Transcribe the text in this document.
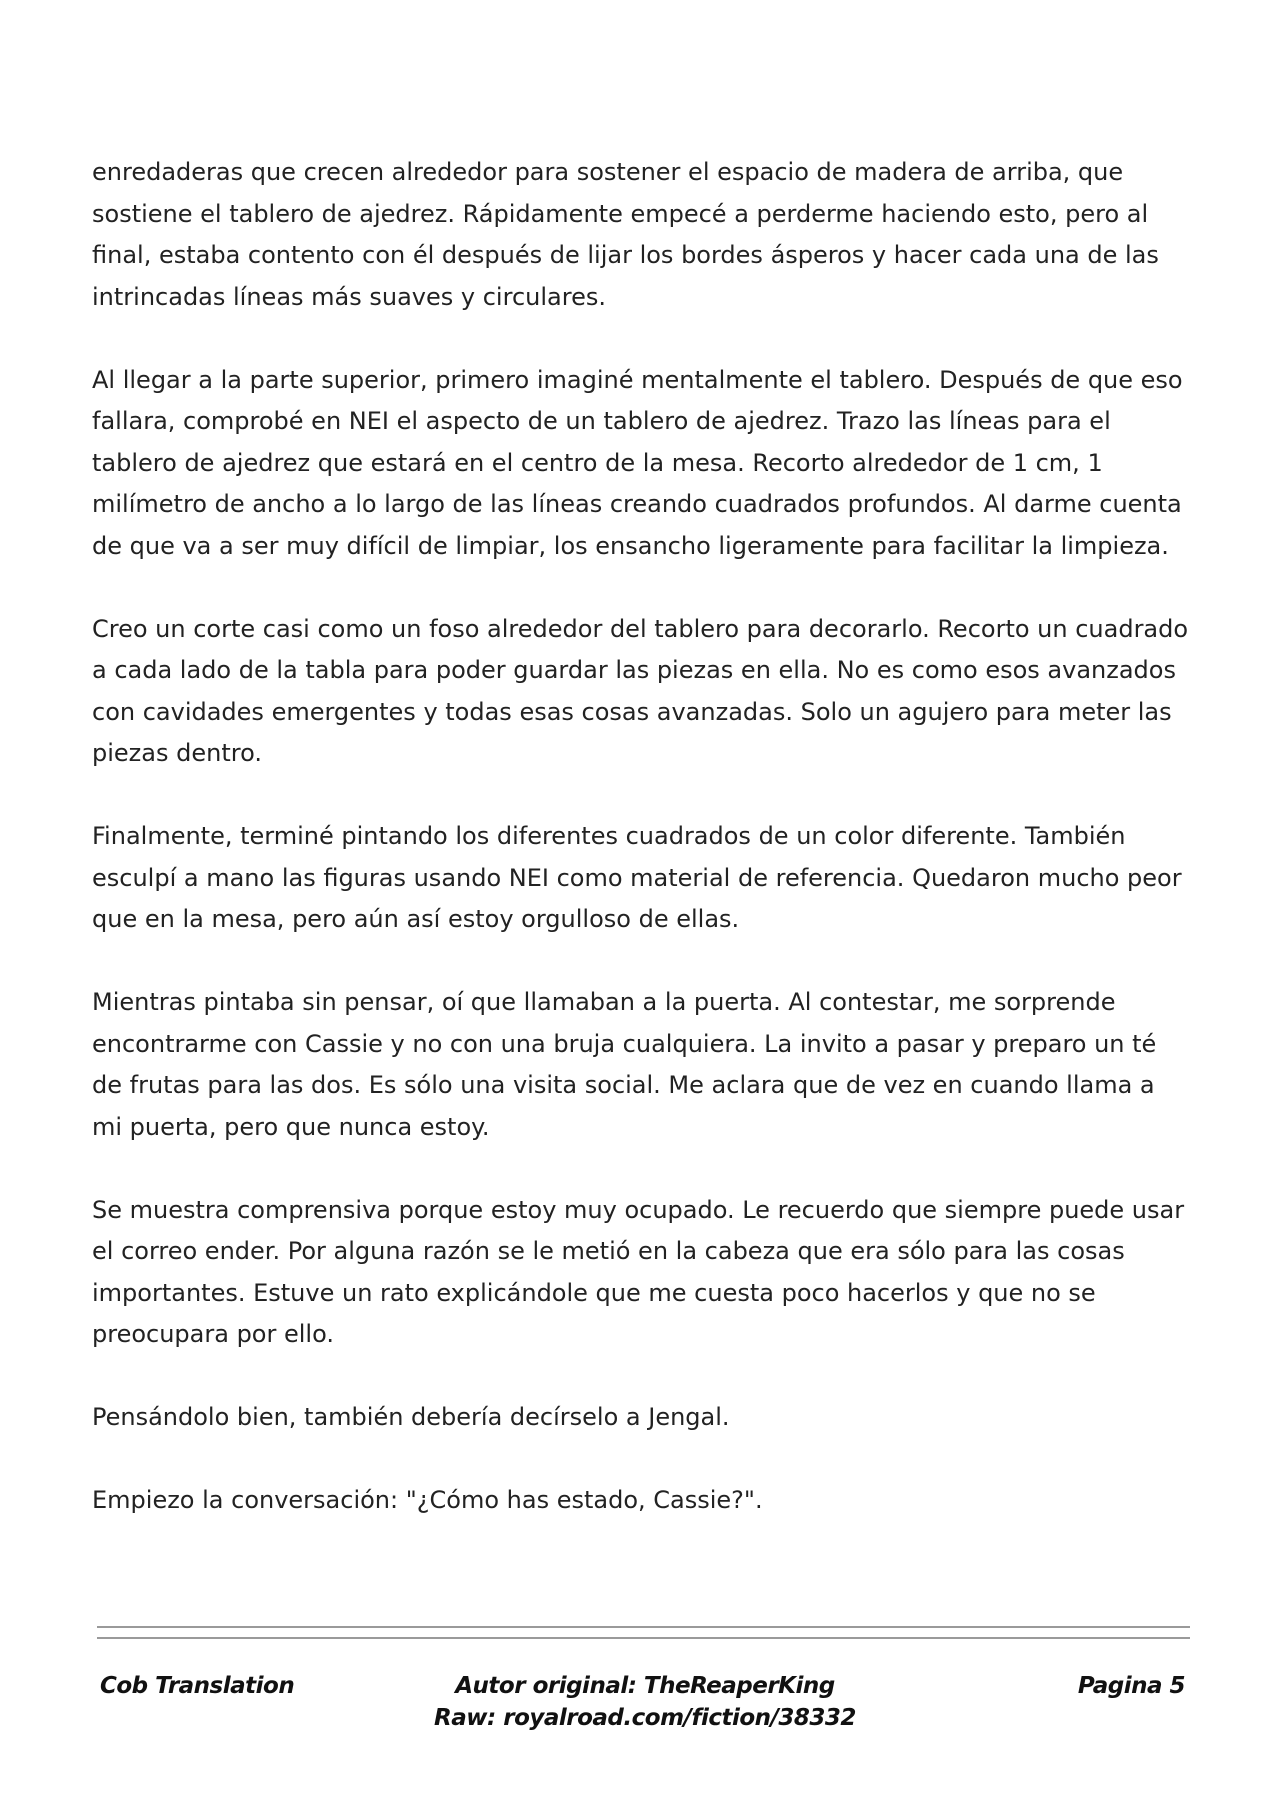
enredaderas que crecen alrededor para sostener el espacio de madera de arriba, que sostiene el tablero de ajedrez. Rápidamente empecé a perderme haciendo esto, pero al final, estaba contento con él después de lijar los bordes ásperos y hacer cada una de las intrincadas líneas más suaves y circulares.

Al llegar a la parte superior, primero imaginé mentalmente el tablero. Después de que eso fallara, comprobé en NEI el aspecto de un tablero de ajedrez. Trazo las líneas para el tablero de ajedrez que estará en el centro de la mesa. Recorto alrededor de 1 cm, 1 milímetro de ancho a lo largo de las líneas creando cuadrados profundos. Al darme cuenta de que va a ser muy difícil de limpiar, los ensancho ligeramente para facilitar la limpieza.

Creo un corte casi como un foso alrededor del tablero para decorarlo. Recorto un cuadrado a cada lado de la tabla para poder guardar las piezas en ella. No es como esos avanzados con cavidades emergentes y todas esas cosas avanzadas. Solo un agujero para meter las piezas dentro.

Finalmente, terminé pintando los diferentes cuadrados de un color diferente. También esculpí a mano las figuras usando NEI como material de referencia. Quedaron mucho peor que en la mesa, pero aún así estoy orgulloso de ellas.

Mientras pintaba sin pensar, oí que llamaban a la puerta. Al contestar, me sorprende encontrarme con Cassie y no con una bruja cualquiera. La invito a pasar y preparo un té de frutas para las dos. Es sólo una visita social. Me aclara que de vez en cuando llama a mi puerta, pero que nunca estoy.

Se muestra comprensiva porque estoy muy ocupado. Le recuerdo que siempre puede usar el correo ender. Por alguna razón se le metió en la cabeza que era sólo para las cosas importantes. Estuve un rato explicándole que me cuesta poco hacerlos y que no se preocupara por ello.

Pensándolo bien, también debería decírselo a Jengal.

Empiezo la conversación: "¿Cómo has estado, Cassie?".

Cob Translation	Autor original: TheReaperKing
Raw: royalroad.com/fiction/38332
Pagina 5
